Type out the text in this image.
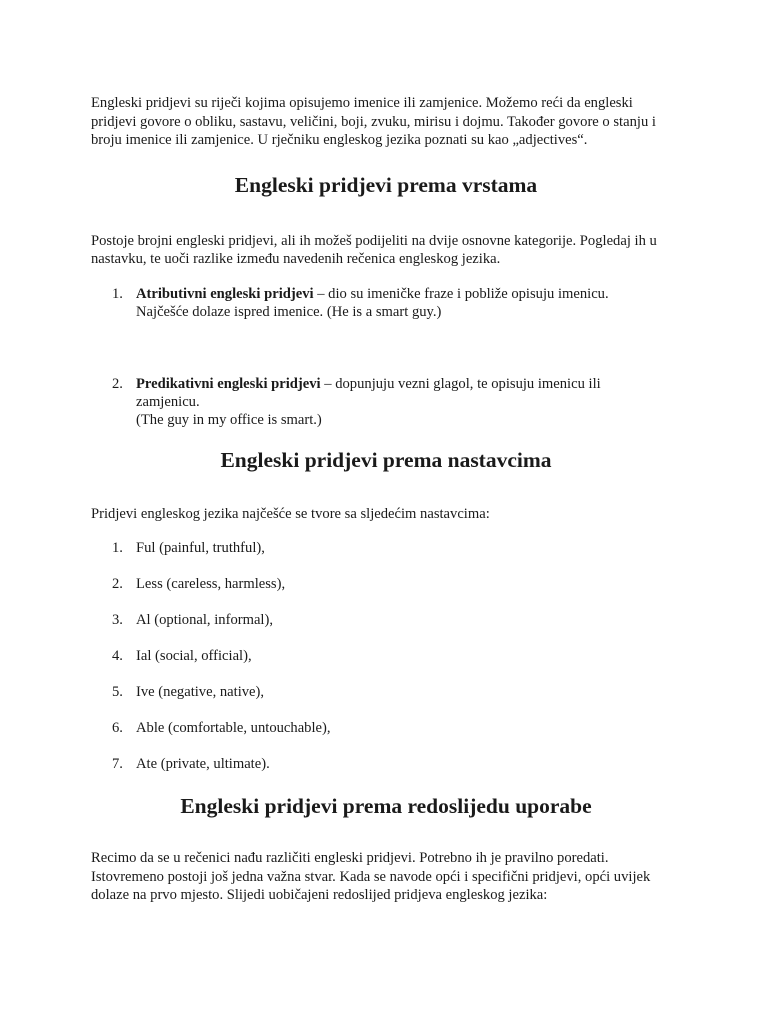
Engleski pridjevi su riječi kojima opisujemo imenice ili zamjenice. Možemo reći da engleski
pridjevi govore o obliku, sastavu, veličini, boji, zvuku, mirisu i dojmu. Također govore o stanju i
broju imenice ili zamjenice. U rječniku engleskog jezika poznati su kao „adjectives“.

Engleski pridjevi prema vrstama

Postoje brojni engleski pridjevi, ali ih možeš podijeliti na dvije osnovne kategorije. Pogledaj ih u
nastavku, te uoči razlike između navedenih rečenica engleskog jezika.

1. Atributivni engleski pridjevi – dio su imeničke fraze i pobliže opisuju imenicu.
Najčešće dolaze ispred imenice. (He is a smart guy.)
2. Predikativni engleski pridjevi – dopunjuju vezni glagol, te opisuju imenicu ili
zamjenicu.
(The guy in my office is smart.)
Engleski pridjevi prema nastavcima

Pridjevi engleskog jezika najčešće se tvore sa sljedećim nastavcima:

1. Ful (painful, truthful),
2. Less (careless, harmless),
3. Al (optional, informal),
4. Ial (social, official),
5. Ive (negative, native),
6. Able (comfortable, untouchable),
7. Ate (private, ultimate).
Engleski pridjevi prema redoslijedu uporabe

Recimo da se u rečenici nađu različiti engleski pridjevi. Potrebno ih je pravilno poredati.
Istovremeno postoji još jedna važna stvar. Kada se navode opći i specifični pridjevi, opći uvijek
dolaze na prvo mjesto. Slijedi uobičajeni redoslijed pridjeva engleskog jezika:
